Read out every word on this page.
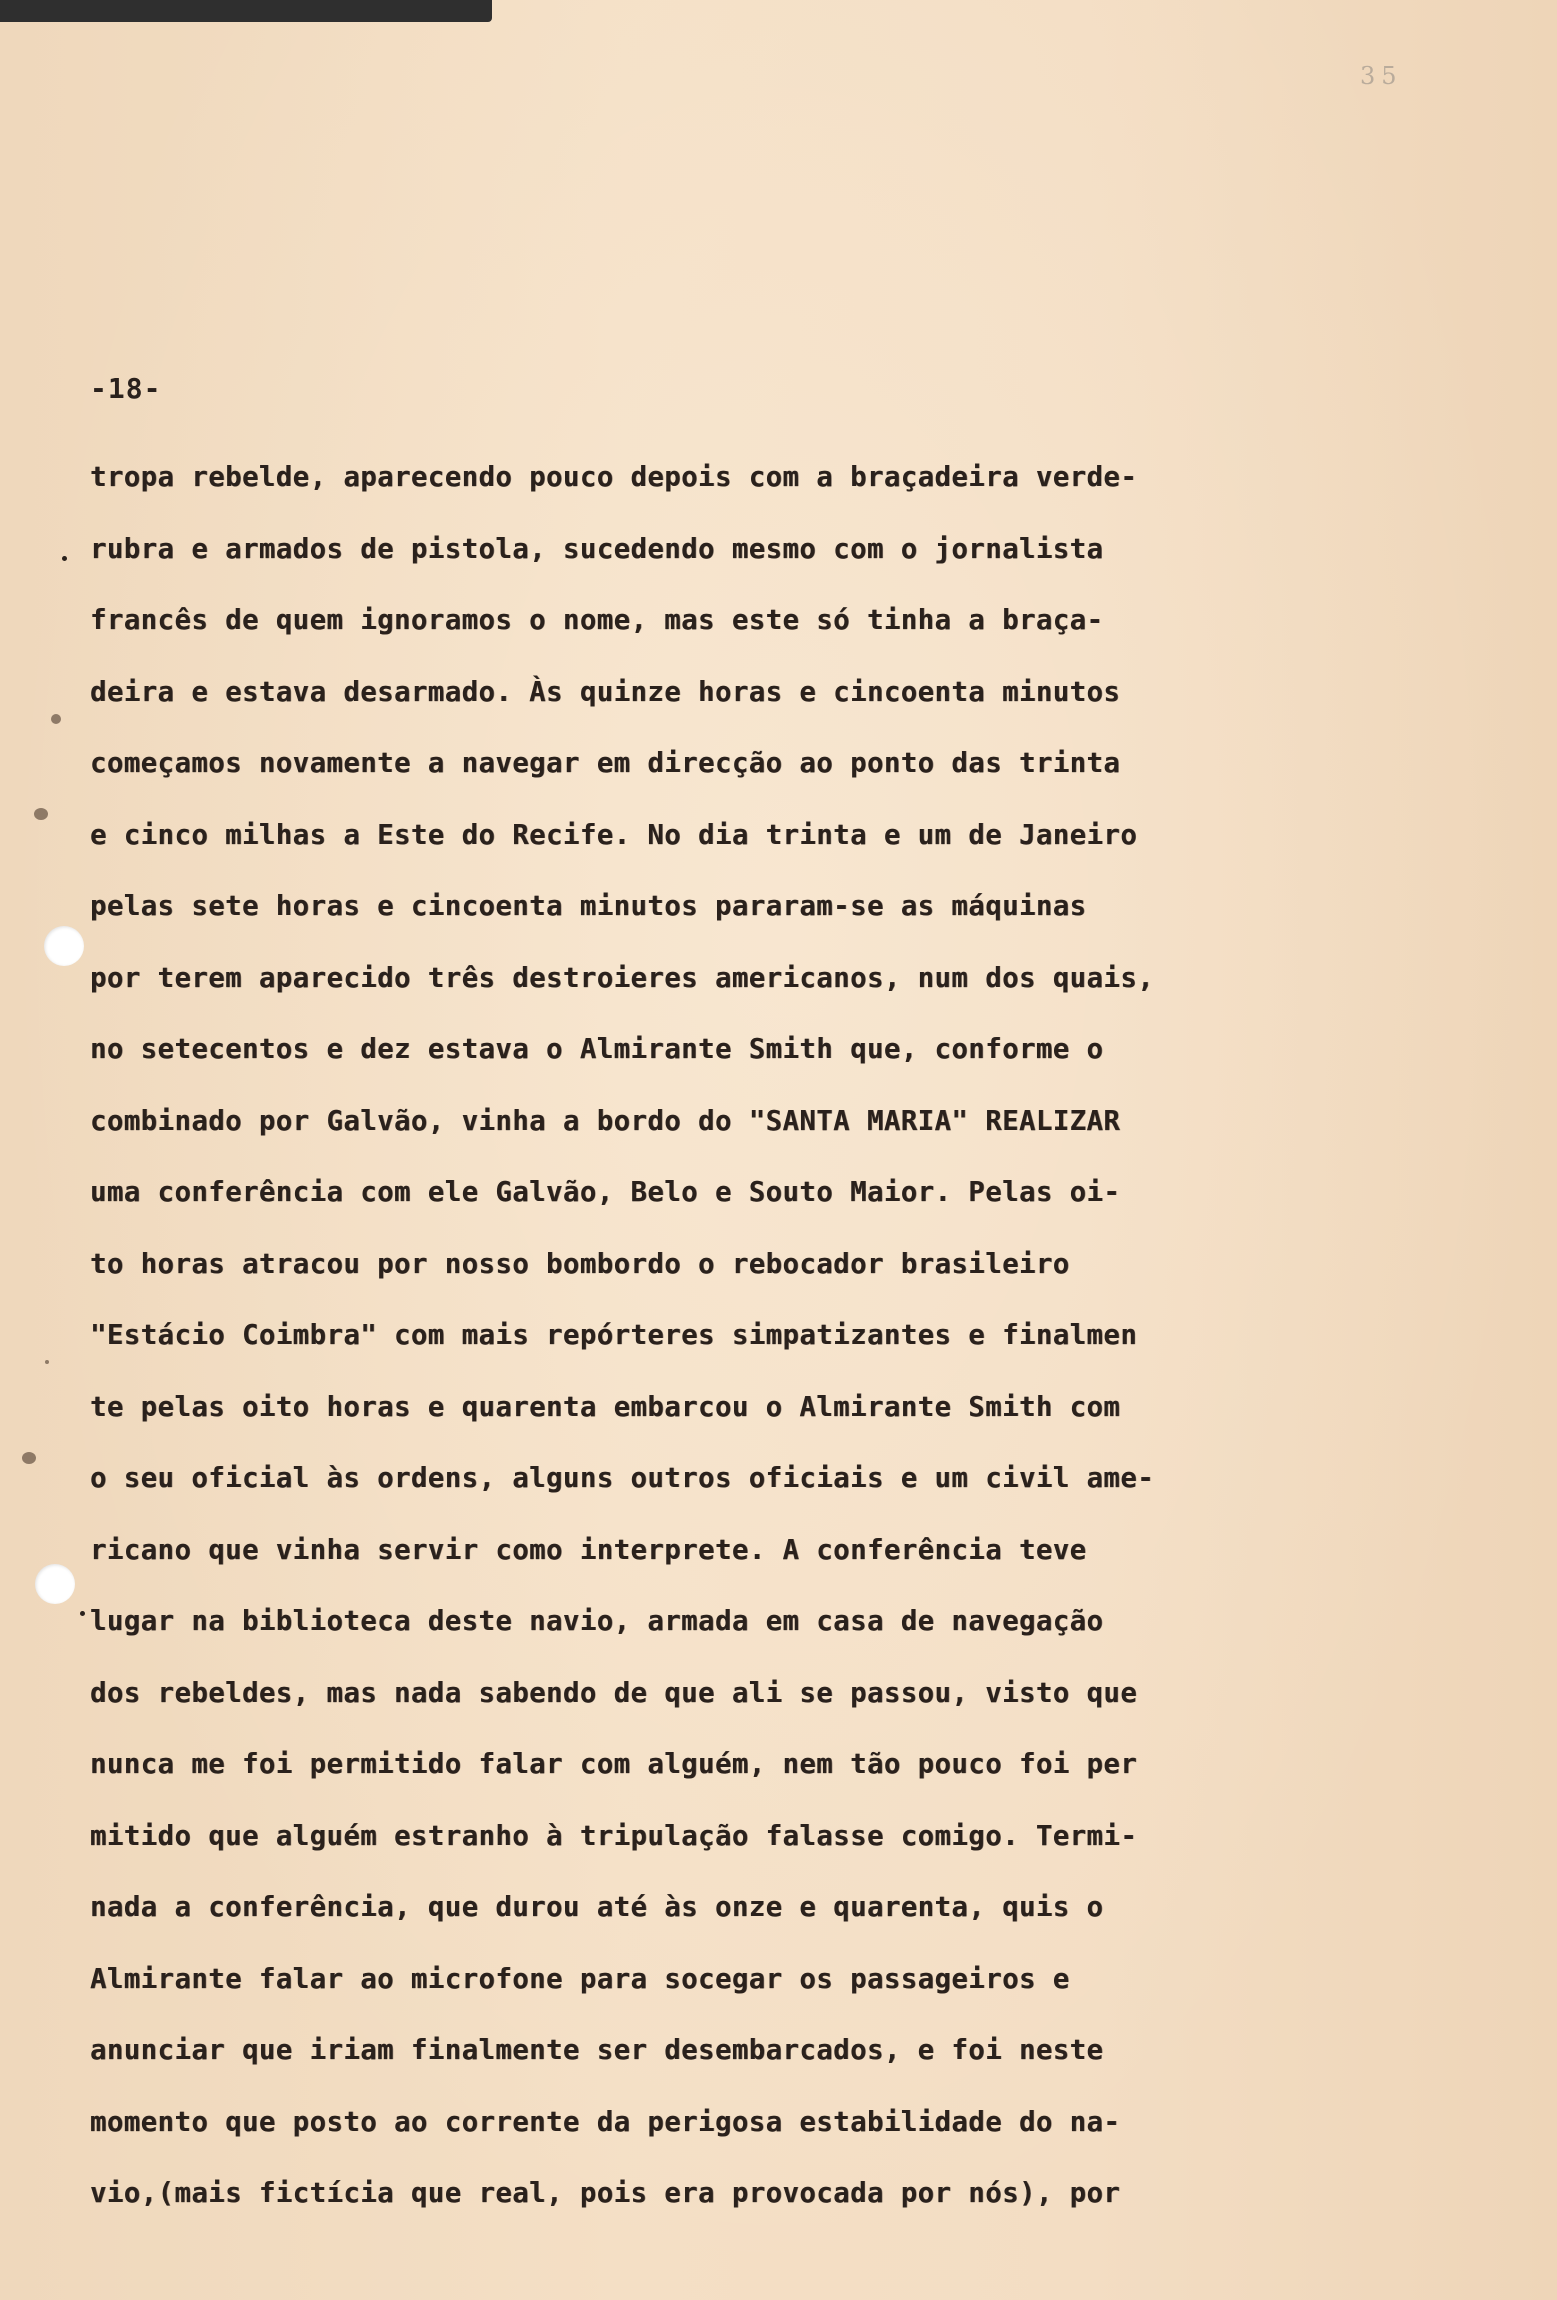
35
-18-
tropa rebelde, aparecendo pouco depois com a braçadeira verde-
rubra e armados de pistola, sucedendo mesmo com o jornalista
francês de quem ignoramos o nome, mas este só tinha a braça-
deira e estava desarmado. Às quinze horas e cincoenta minutos
começamos novamente a navegar em direcção ao ponto das trinta
e cinco milhas a Este do Recife. No dia trinta e um de Janeiro
pelas sete horas e cincoenta minutos pararam-se as máquinas
por terem aparecido três destroieres americanos, num dos quais,
no setecentos e dez estava o Almirante Smith que, conforme o
combinado por Galvão, vinha a bordo do "SANTA MARIA" REALIZAR
uma conferência com ele Galvão, Belo e Souto Maior. Pelas oi-
to horas atracou por nosso bombordo o rebocador brasileiro
"Estácio Coimbra" com mais repórteres simpatizantes e finalmen
te pelas oito horas e quarenta embarcou o Almirante Smith com
o seu oficial às ordens, alguns outros oficiais e um civil ame-
ricano que vinha servir como interprete. A conferência teve
lugar na biblioteca deste navio, armada em casa de navegação
dos rebeldes, mas nada sabendo de que ali se passou, visto que
nunca me foi permitido falar com alguém, nem tão pouco foi per
mitido que alguém estranho à tripulação falasse comigo. Termi-
nada a conferência, que durou até às onze e quarenta, quis o
Almirante falar ao microfone para socegar os passageiros e
anunciar que iriam finalmente ser desembarcados, e foi neste
momento que posto ao corrente da perigosa estabilidade do na-
vio,(mais fictícia que real, pois era provocada por nós), por
